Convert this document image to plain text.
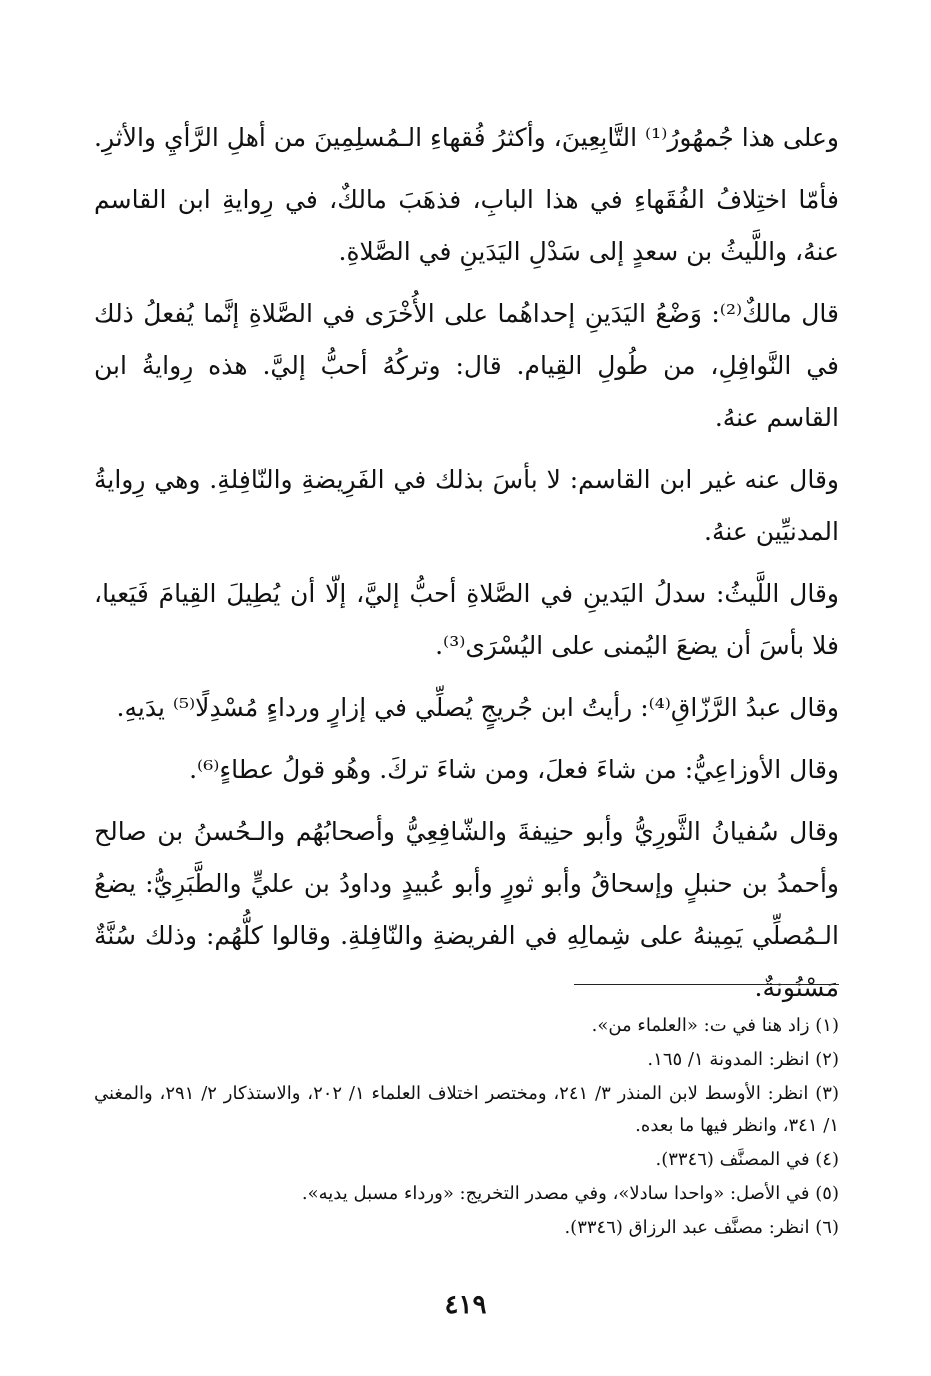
وعلى هذا جُمهُورُ⁽¹⁾ التَّابِعِينَ، وأكثرُ فُقهاءِ الـمُسلِمِينَ من أهلِ الرَّأيِ والأثرِ.

فأمّا اختِلافُ الفُقَهاءِ في هذا البابِ، فذهَبَ مالكٌ، في رِوايةِ ابن القاسم عنهُ، واللَّيثُ بن سعدٍ إلى سَدْلِ اليَدَينِ في الصَّلاةِ.

قال مالكٌ⁽²⁾: وَضْعُ اليَدَينِ إحداهُما على الأُخْرَى في الصَّلاةِ إنَّما يُفعلُ ذلك في النَّوافِلِ، من طُولِ القِيام. قال: وتركُهُ أحبُّ إليَّ. هذه رِوايةُ ابن القاسم عنهُ.

وقال عنه غير ابن القاسم: لا بأسَ بذلك في الفَرِيضةِ والنّافِلةِ. وهي رِوايةُ المدنيِّين عنهُ.

وقال اللَّيثُ: سدلُ اليَدينِ في الصَّلاةِ أحبُّ إليَّ، إلّا أن يُطِيلَ القِيامَ فَيَعيا، فلا بأسَ أن يضعَ اليُمنى على اليُسْرَى⁽³⁾.

وقال عبدُ الرَّزّاقِ⁽⁴⁾: رأيتُ ابن جُريجٍ يُصلِّي في إزارٍ ورداءٍ مُسْدِلًا⁽⁵⁾ يدَيهِ.

وقال الأوزاعِيُّ: من شاءَ فعلَ، ومن شاءَ تركَ. وهُو قولُ عطاءٍ⁽⁶⁾.

وقال سُفيانُ الثَّورِيُّ وأبو حنِيفةَ والشّافِعِيُّ وأصحابُهُم والـحُسنُ بن صالح وأحمدُ بن حنبلٍ وإسحاقُ وأبو ثورٍ وأبو عُبيدٍ وداودُ بن عليٍّ والطَّبَرِيُّ: يضعُ الـمُصلِّي يَمِينهُ على شِمالِهِ في الفريضةِ والنّافِلةِ. وقالوا كلُّهُم: وذلك سُنَّةٌ مَسْنُونةٌ.

(١) زاد هنا في ت: «العلماء من».

(٢) انظر: المدونة ١/ ١٦٥.

(٣) انظر: الأوسط لابن المنذر ٣/ ٢٤١، ومختصر اختلاف العلماء ١/ ٢٠٢، والاستذكار ٢/ ٢٩١، والمغني ١/ ٣٤١، وانظر فيها ما بعده.

(٤) في المصنَّف (٣٣٤٦).

(٥) في الأصل: «واحدا سادلا»، وفي مصدر التخريج: «ورداء مسبل يديه».

(٦) انظر: مصنَّف عبد الرزاق (٣٣٤٦).

٤١٩
